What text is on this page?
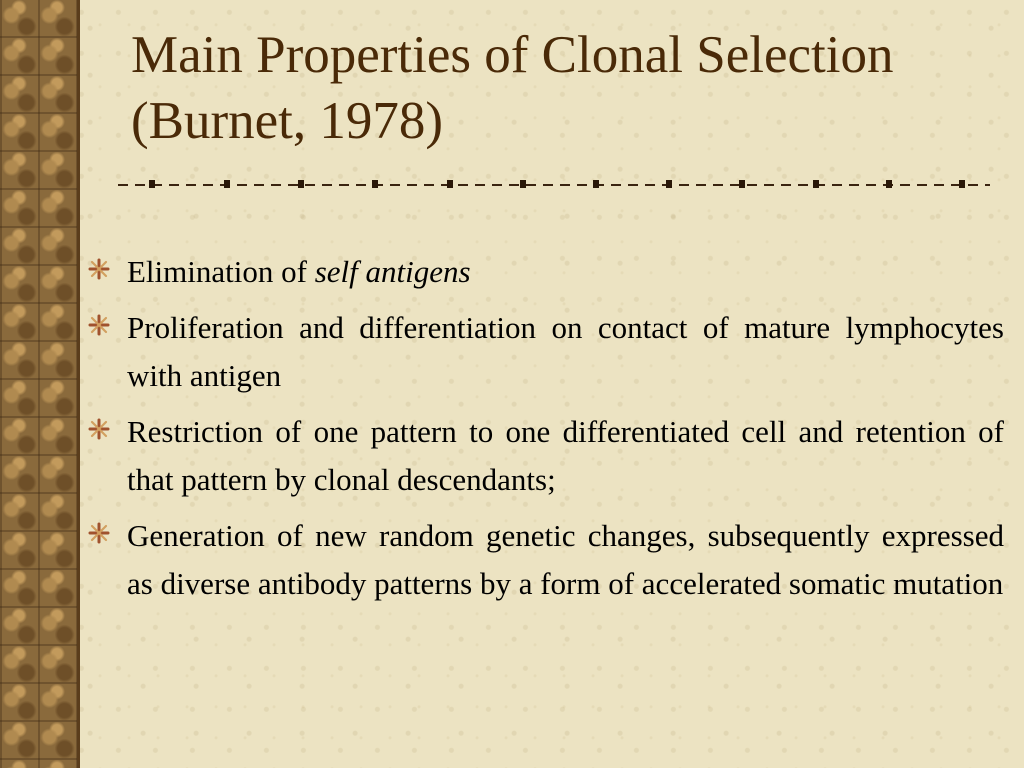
Main Properties of Clonal Selection (Burnet, 1978)
Elimination of self antigens
Proliferation and differentiation on contact of mature lymphocytes with antigen
Restriction of one pattern to one differentiated cell and retention of that pattern by clonal descendants;
Generation of new random genetic changes, subsequently expressed as diverse antibody patterns by a form of accelerated somatic mutation
